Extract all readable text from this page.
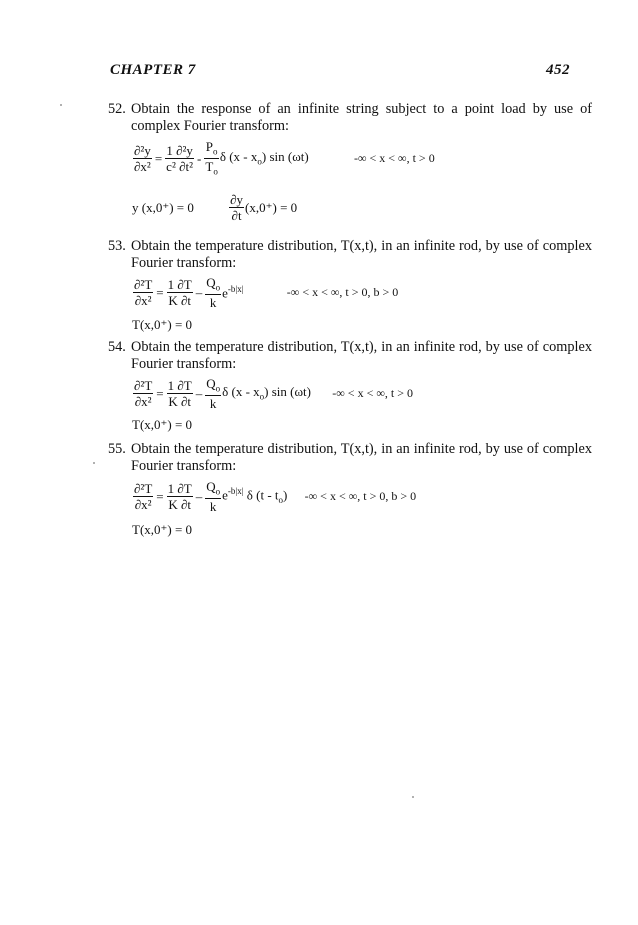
CHAPTER 7	452
52. Obtain the response of an infinite string subject to a point load by use of complex Fourier transform:
$\frac{\text{∂²y}}{\text{∂x²}} = \frac{\text{1 ∂²y}}{\text{c² ∂t²}} - \frac{P_o}{T_o}$ δ $(x - x_o)$ sin (ωt)	-∞ < x < ∞, t > 0
y (x,0⁺) = 0	$\frac{\partial y}{\partial t} (x,0^+) = 0$
53. Obtain the temperature distribution, T(x,t), in an infinite rod, by use of complex Fourier transform:
$\frac{\text{∂²T}}{\text{∂x²}} = \frac{1 \partial T}{K \partial t} - \frac{Q_o}{k} e^{-b|x|}$	-∞ < x < ∞, t > 0, b > 0
T(x,0⁺) = 0
54. Obtain the temperature distribution, T(x,t), in an infinite rod, by use of complex Fourier transform:
$\frac{\text{∂²T}}{\text{∂x²}} = \frac{1 \partial T}{K \partial t} - \frac{Q_o}{k}$ δ $(x - x_o)$ sin (ωt) -∞ < x < ∞, t > 0
T(x,0⁺) = 0
55. Obtain the temperature distribution, T(x,t), in an infinite rod, by use of complex Fourier transform:
$\frac{\text{∂²T}}{\text{∂x²}} = \frac{1 \partial T}{K \partial t} - \frac{Q_o}{k} e^{-b|x|}$ δ $(t - t_o)$ -∞ < x < ∞, t > 0, b > 0
T(x,0⁺) = 0
